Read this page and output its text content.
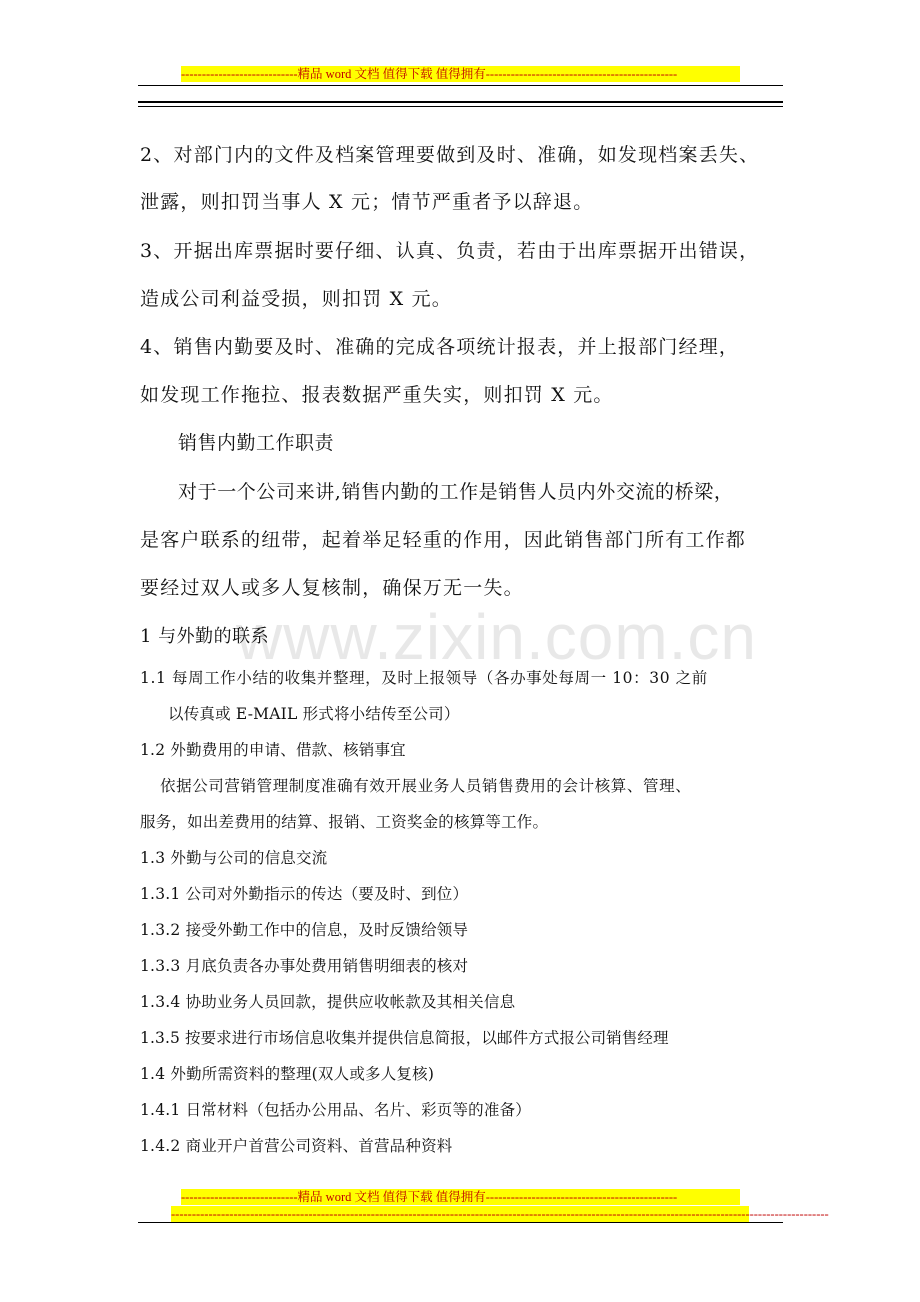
----------------------------精品 word 文档 值得下载 值得拥有----------------------------------------------
www.zixin.com.cn
2、对部门内的文件及档案管理要做到及时、准确，如发现档案丢失、
泄露，则扣罚当事人 X 元；情节严重者予以辞退。
3、开据出库票据时要仔细、认真、负责，若由于出库票据开出错误，
造成公司利益受损，则扣罚 X 元。
4、销售内勤要及时、准确的完成各项统计报表，并上报部门经理，
如发现工作拖拉、报表数据严重失实，则扣罚 X 元。
销售内勤工作职责
对于一个公司来讲,销售内勤的工作是销售人员内外交流的桥梁，
是客户联系的纽带，起着举足轻重的作用，因此销售部门所有工作都
要经过双人或多人复核制，确保万无一失。
1 与外勤的联系
1.1 每周工作小结的收集并整理，及时上报领导（各办事处每周一 10：30 之前
以传真或 E-MAIL 形式将小结传至公司）
1.2 外勤费用的申请、借款、核销事宜
依据公司营销管理制度准确有效开展业务人员销售费用的会计核算、管理、
服务，如出差费用的结算、报销、工资奖金的核算等工作。
1.3 外勤与公司的信息交流
1.3.1 公司对外勤指示的传达（要及时、到位）
1.3.2 接受外勤工作中的信息，及时反馈给领导
1.3.3 月底负责各办事处费用销售明细表的核对
1.3.4 协助业务人员回款，提供应收帐款及其相关信息
1.3.5 按要求进行市场信息收集并提供信息简报，以邮件方式报公司销售经理
1.4 外勤所需资料的整理(双人或多人复核)
1.4.1 日常材料（包括办公用品、名片、彩页等的准备）
1.4.2 商业开户首营公司资料、首营品种资料
----------------------------精品 word 文档 值得下载 值得拥有----------------------------------------------
--------------------------------------------------------------------------------------------------------------------------------------------------------------
